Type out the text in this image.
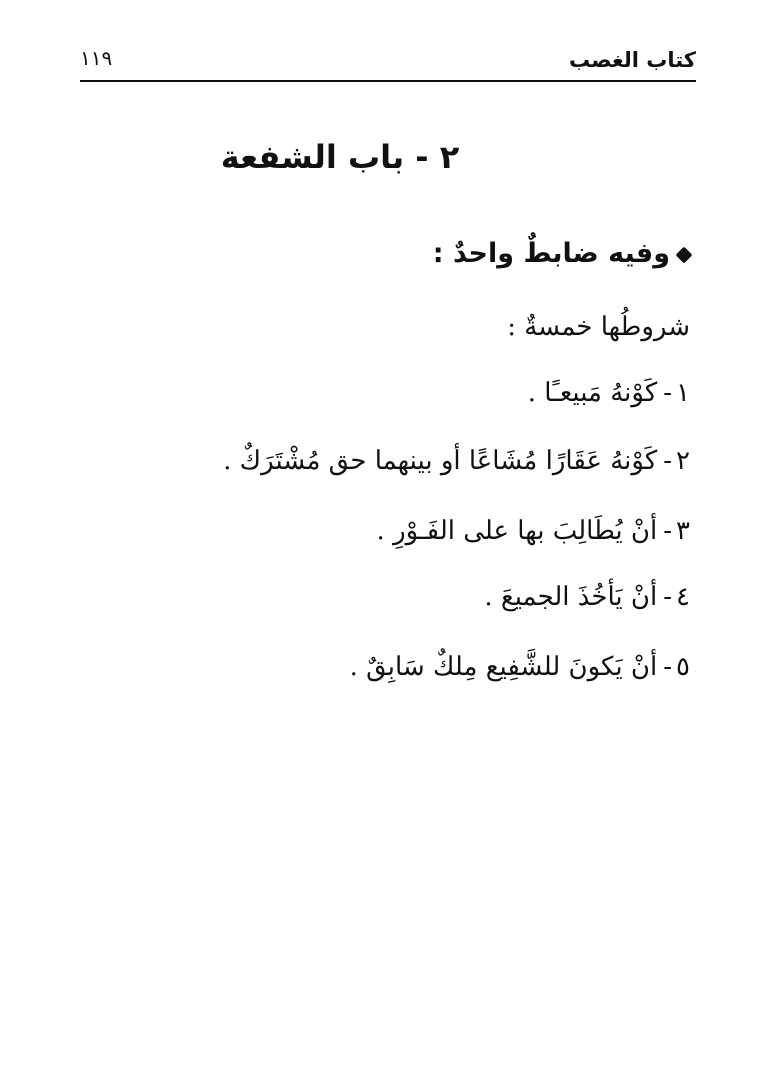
كتاب الغصب
١١٩
٢ - باب الشفعة
وفيه ضابطٌ واحدٌ :
شروطُها خمسةٌ :
١-كَوْنهُ مَبيعـًا .
٢-كَوْنهُ عَقَارًا مُشَاعًا أو بينهما حق مُشْتَرَكٌ .
٣-أنْ يُطَالِبَ بها على الفَـوْرِ .
٤-أنْ يَأخُذَ الجميعَ .
٥-أنْ يَكونَ للشَّفِيع مِلكٌ سَابِقٌ .
